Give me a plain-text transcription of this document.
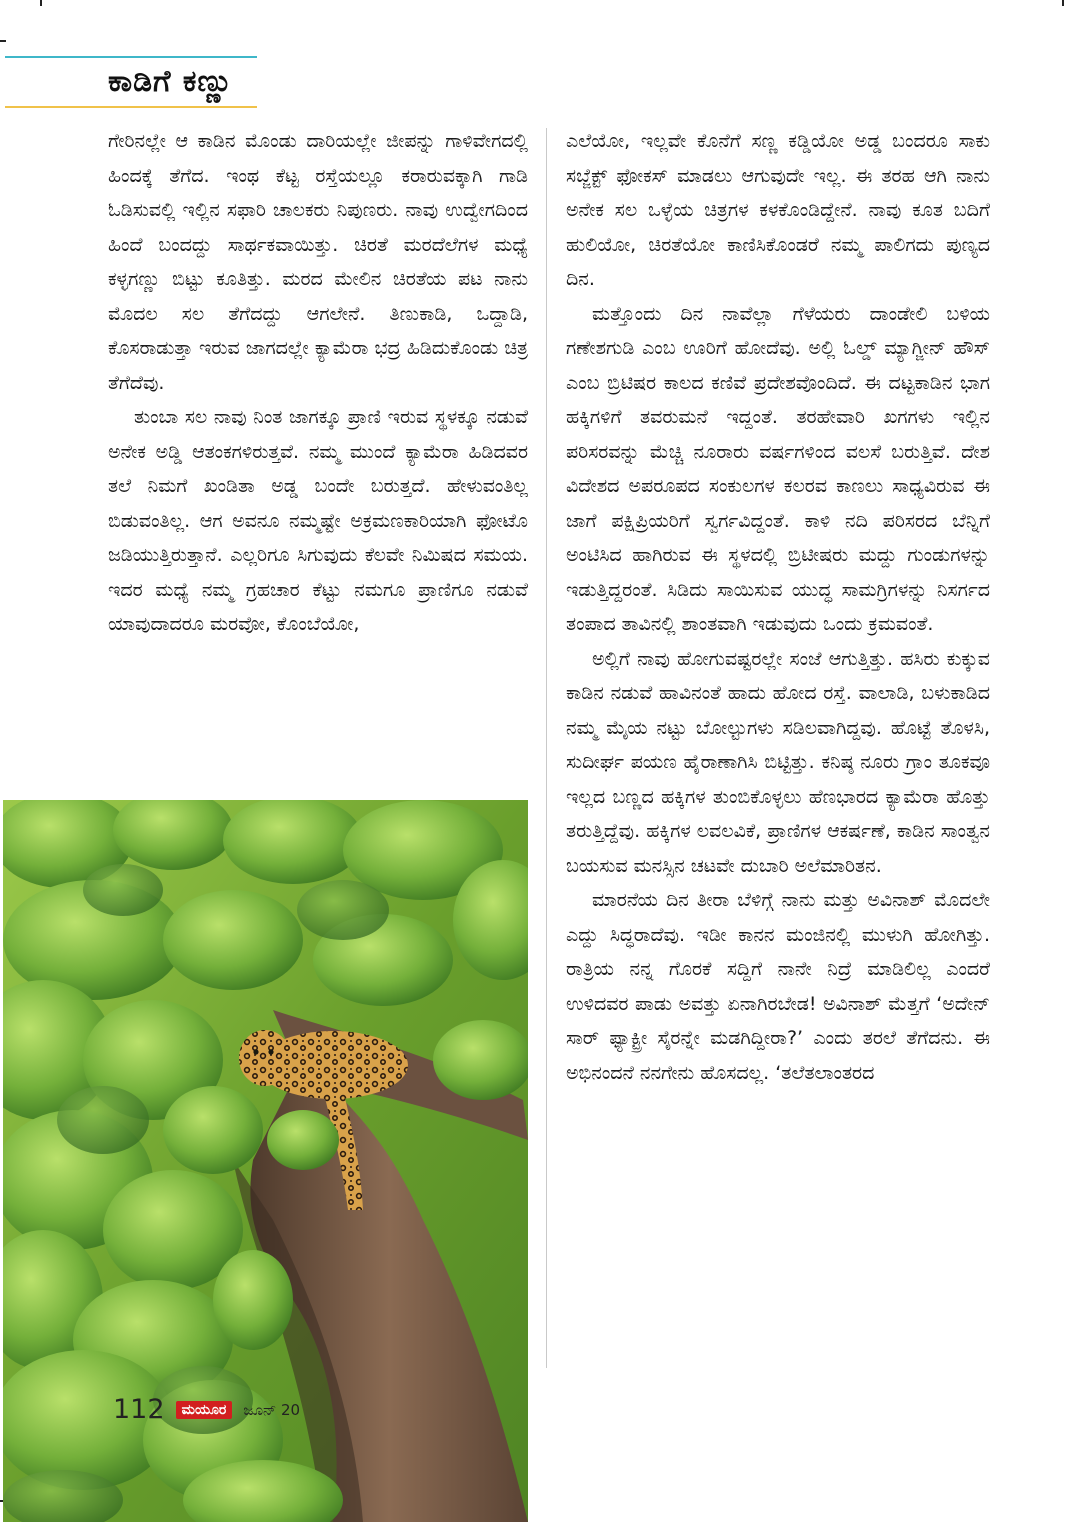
ಕಾಡಿಗೆ ಕಣ್ಣು

ಗೇರಿನಲ್ಲೇ ಆ ಕಾಡಿನ ಮೊಂಡು ದಾರಿಯಲ್ಲೇ ಜೀಪನ್ನು ಗಾಳಿವೇಗದಲ್ಲಿ ಹಿಂದಕ್ಕೆ ತೆಗೆದ. ಇಂಥ ಕೆಟ್ಟ ರಸ್ತೆಯಲ್ಲೂ ಕರಾರುವಕ್ಕಾಗಿ ಗಾಡಿ ಓಡಿಸುವಲ್ಲಿ ಇಲ್ಲಿನ ಸಫಾರಿ ಚಾಲಕರು ನಿಪುಣರು. ನಾವು ಉದ್ವೇಗದಿಂದ ಹಿಂದೆ ಬಂದದ್ದು ಸಾರ್ಥಕವಾಯಿತ್ತು. ಚಿರತೆ ಮರದೆಲೆಗಳ ಮಧ್ಯೆ ಕಳ್ಳಗಣ್ಣು ಬಿಟ್ಟು ಕೂತಿತ್ತು. ಮರದ ಮೇಲಿನ ಚಿರತೆಯ ಪಟ ನಾನು ಮೊದಲ ಸಲ ತೆಗೆದದ್ದು ಆಗಲೇನೆ. ತಿಣುಕಾಡಿ, ಒದ್ದಾಡಿ, ಕೊಸರಾಡುತ್ತಾ ಇರುವ ಜಾಗದಲ್ಲೇ ಕ್ಯಾಮೆರಾ ಭದ್ರ ಹಿಡಿದುಕೊಂಡು ಚಿತ್ರ ತೆಗೆದೆವು.

ತುಂಬಾ ಸಲ ನಾವು ನಿಂತ ಜಾಗಕ್ಕೂ ಪ್ರಾಣಿ ಇರುವ ಸ್ಥಳಕ್ಕೂ ನಡುವೆ ಅನೇಕ ಅಡ್ಡಿ ಆತಂಕಗಳಿರುತ್ತವೆ. ನಮ್ಮ ಮುಂದೆ ಕ್ಯಾಮೆರಾ ಹಿಡಿದವರ ತಲೆ ನಿಮಗೆ ಖಂಡಿತಾ ಅಡ್ಡ ಬಂದೇ ಬರುತ್ತದೆ. ಹೇಳುವಂತಿಲ್ಲ ಬಿಡುವಂತಿಲ್ಲ. ಆಗ ಅವನೂ ನಮ್ಮಷ್ಟೇ ಅಕ್ರಮಣಕಾರಿಯಾಗಿ ಫೋಟೊ ಜಡಿಯುತ್ತಿರುತ್ತಾನೆ. ಎಲ್ಲರಿಗೂ ಸಿಗುವುದು ಕೆಲವೇ ನಿಮಿಷದ ಸಮಯ. ಇದರ ಮಧ್ಯೆ ನಮ್ಮ ಗ್ರಹಚಾರ ಕೆಟ್ಟು ನಮಗೂ ಪ್ರಾಣಿಗೂ ನಡುವೆ ಯಾವುದಾದರೂ ಮರವೋ, ಕೊಂಬೆಯೋ,

ಎಲೆಯೋ, ಇಲ್ಲವೇ ಕೊನೆಗೆ ಸಣ್ಣ ಕಡ್ಡಿಯೋ ಅಡ್ಡ ಬಂದರೂ ಸಾಕು ಸಬ್ಜೆಕ್ಟ್ ಫೋಕಸ್ ಮಾಡಲು ಆಗುವುದೇ ಇಲ್ಲ. ಈ ತರಹ ಆಗಿ ನಾನು ಅನೇಕ ಸಲ ಒಳ್ಳೆಯ ಚಿತ್ರಗಳ ಕಳಕೊಂಡಿದ್ದೇನೆ. ನಾವು ಕೂತ ಬದಿಗೆ ಹುಲಿಯೋ, ಚಿರತೆಯೋ ಕಾಣಿಸಿಕೊಂಡರೆ ನಮ್ಮ ಪಾಲಿಗದು ಪುಣ್ಯದ ದಿನ.

ಮತ್ತೊಂದು ದಿನ ನಾವೆಲ್ಲಾ ಗೆಳೆಯರು ದಾಂಡೇಲಿ ಬಳಿಯ ಗಣೇಶಗುಡಿ ಎಂಬ ಊರಿಗೆ ಹೋದೆವು. ಅಲ್ಲಿ ಓಲ್ಡ್ ಮ್ಯಾಗ್ಜೀನ್ ಹೌಸ್ ಎಂಬ ಬ್ರಿಟಿಷರ ಕಾಲದ ಕಣಿವೆ ಪ್ರದೇಶವೊಂದಿದೆ. ಈ ದಟ್ಟಕಾಡಿನ ಭಾಗ ಹಕ್ಕಿಗಳಿಗೆ ತವರುಮನೆ ಇದ್ದಂತೆ. ತರಹೇವಾರಿ ಖಗಗಳು ಇಲ್ಲಿನ ಪರಿಸರವನ್ನು ಮೆಚ್ಚಿ ನೂರಾರು ವರ್ಷಗಳಿಂದ ವಲಸೆ ಬರುತ್ತಿವೆ. ದೇಶ ವಿದೇಶದ ಅಪರೂಪದ ಸಂಕುಲಗಳ ಕಲರವ ಕಾಣಲು ಸಾಧ್ಯವಿರುವ ಈ ಜಾಗೆ ಪಕ್ಷಿಪ್ರಿಯರಿಗೆ ಸ್ವರ್ಗವಿದ್ದಂತೆ. ಕಾಳಿ ನದಿ ಪರಿಸರದ ಬೆನ್ನಿಗೆ ಅಂಟಿಸಿದ ಹಾಗಿರುವ ಈ ಸ್ಥಳದಲ್ಲಿ ಬ್ರಿಟೀಷರು ಮದ್ದು ಗುಂಡುಗಳನ್ನು ಇಡುತ್ತಿದ್ದರಂತೆ. ಸಿಡಿದು ಸಾಯಿಸುವ ಯುದ್ಧ ಸಾಮಗ್ರಿಗಳನ್ನು ನಿಸರ್ಗದ ತಂಪಾದ ತಾವಿನಲ್ಲಿ ಶಾಂತವಾಗಿ ಇಡುವುದು ಒಂದು ಕ್ರಮವಂತೆ.

ಅಲ್ಲಿಗೆ ನಾವು ಹೋಗುವಷ್ಟರಲ್ಲೇ ಸಂಜೆ ಆಗುತ್ತಿತ್ತು. ಹಸಿರು ಕುಕ್ಕುವ ಕಾಡಿನ ನಡುವೆ ಹಾವಿನಂತೆ ಹಾದು ಹೋದ ರಸ್ತೆ. ವಾಲಾಡಿ, ಬಳುಕಾಡಿದ ನಮ್ಮ ಮೈಯ ನಟ್ಟು ಬೋಲ್ಟುಗಳು ಸಡಿಲವಾಗಿದ್ದವು. ಹೊಟ್ಟೆ ತೊಳಸಿ, ಸುದೀರ್ಘ ಪಯಣ ಹೈರಾಣಾಗಿಸಿ ಬಿಟ್ಟಿತ್ತು. ಕನಿಷ್ಠ ನೂರು ಗ್ರಾಂ ತೂಕವೂ ಇಲ್ಲದ ಬಣ್ಣದ ಹಕ್ಕಿಗಳ ತುಂಬಿಕೊಳ್ಳಲು ಹೆಣಭಾರದ ಕ್ಯಾಮೆರಾ ಹೊತ್ತು ತರುತ್ತಿದ್ದೆವು. ಹಕ್ಕಿಗಳ ಲವಲವಿಕೆ, ಪ್ರಾಣಿಗಳ ಆಕರ್ಷಣೆ, ಕಾಡಿನ ಸಾಂತ್ವನ ಬಯಸುವ ಮನಸ್ಸಿನ ಚಟವೇ ದುಬಾರಿ ಅಲೆಮಾರಿತನ.

ಮಾರನೆಯ ದಿನ ತೀರಾ ಬೆಳಿಗ್ಗೆ ನಾನು ಮತ್ತು ಅವಿನಾಶ್ ಮೊದಲೇ ಎದ್ದು ಸಿದ್ಧರಾದೆವು. ಇಡೀ ಕಾನನ ಮಂಜಿನಲ್ಲಿ ಮುಳುಗಿ ಹೋಗಿತ್ತು. ರಾತ್ರಿಯ ನನ್ನ ಗೊರಕೆ ಸದ್ದಿಗೆ ನಾನೇ ನಿದ್ರೆ ಮಾಡಿಲಿಲ್ಲ ಎಂದರೆ ಉಳಿದವರ ಪಾಡು ಅವತ್ತು ಏನಾಗಿರಬೇಡ! ಅವಿನಾಶ್ ಮೆತ್ತಗೆ ‘ಅದೇನ್ ಸಾರ್ ಫ್ಯಾಕ್ಟ್ರೀ ಸೈರನ್ನೇ ಮಡಗಿದ್ದೀರಾ?’ ಎಂದು ತರಲೆ ತೆಗೆದನು. ಈ ಅಭಿನಂದನೆ ನನಗೇನು ಹೊಸದಲ್ಲ. ‘ತಲೆತಲಾಂತರದ

112 ಮಯೂರ ಜೂನ್ 20
